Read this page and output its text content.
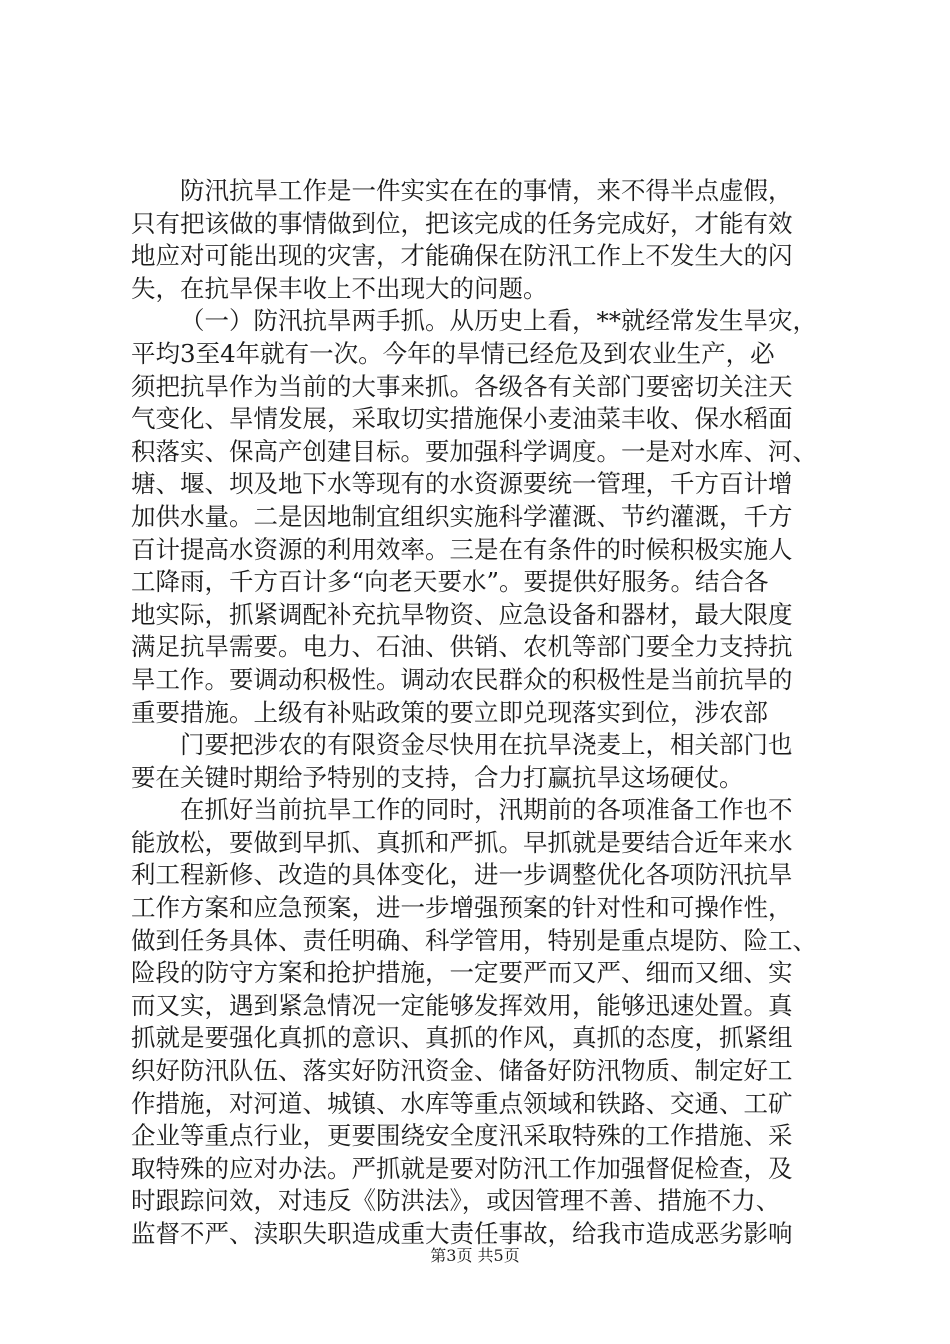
防汛抗旱工作是一件实实在在的事情，来不得半点虚假，
只有把该做的事情做到位，把该完成的任务完成好，才能有效
地应对可能出现的灾害，才能确保在防汛工作上不发生大的闪
失，在抗旱保丰收上不出现大的问题。
（一）防汛抗旱两手抓。从历史上看，**就经常发生旱灾，
平均3至4年就有一次。今年的旱情已经危及到农业生产，必
须把抗旱作为当前的大事来抓。各级各有关部门要密切关注天
气变化、旱情发展，采取切实措施保小麦油菜丰收、保水稻面
积落实、保高产创建目标。要加强科学调度。一是对水库、河、
塘、堰、坝及地下水等现有的水资源要统一管理，千方百计增
加供水量。二是因地制宜组织实施科学灌溉、节约灌溉，千方
百计提高水资源的利用效率。三是在有条件的时候积极实施人
工降雨，千方百计多“向老天要水”。要提供好服务。结合各
地实际，抓紧调配补充抗旱物资、应急设备和器材，最大限度
满足抗旱需要。电力、石油、供销、农机等部门要全力支持抗
旱工作。要调动积极性。调动农民群众的积极性是当前抗旱的
重要措施。上级有补贴政策的要立即兑现落实到位，涉农部
门要把涉农的有限资金尽快用在抗旱浇麦上，相关部门也
要在关键时期给予特别的支持，合力打赢抗旱这场硬仗。
在抓好当前抗旱工作的同时，汛期前的各项准备工作也不
能放松，要做到早抓、真抓和严抓。早抓就是要结合近年来水
利工程新修、改造的具体变化，进一步调整优化各项防汛抗旱
工作方案和应急预案，进一步增强预案的针对性和可操作性，
做到任务具体、责任明确、科学管用，特别是重点堤防、险工、
险段的防守方案和抢护措施，一定要严而又严、细而又细、实
而又实，遇到紧急情况一定能够发挥效用，能够迅速处置。真
抓就是要强化真抓的意识、真抓的作风，真抓的态度，抓紧组
织好防汛队伍、落实好防汛资金、储备好防汛物质、制定好工
作措施，对河道、城镇、水库等重点领域和铁路、交通、工矿
企业等重点行业，更要围绕安全度汛采取特殊的工作措施、采
取特殊的应对办法。严抓就是要对防汛工作加强督促检查，及
时跟踪问效，对违反《防洪法》，或因管理不善、措施不力、
监督不严、渎职失职造成重大责任事故，给我市造成恶劣影响
第3页 共5页
